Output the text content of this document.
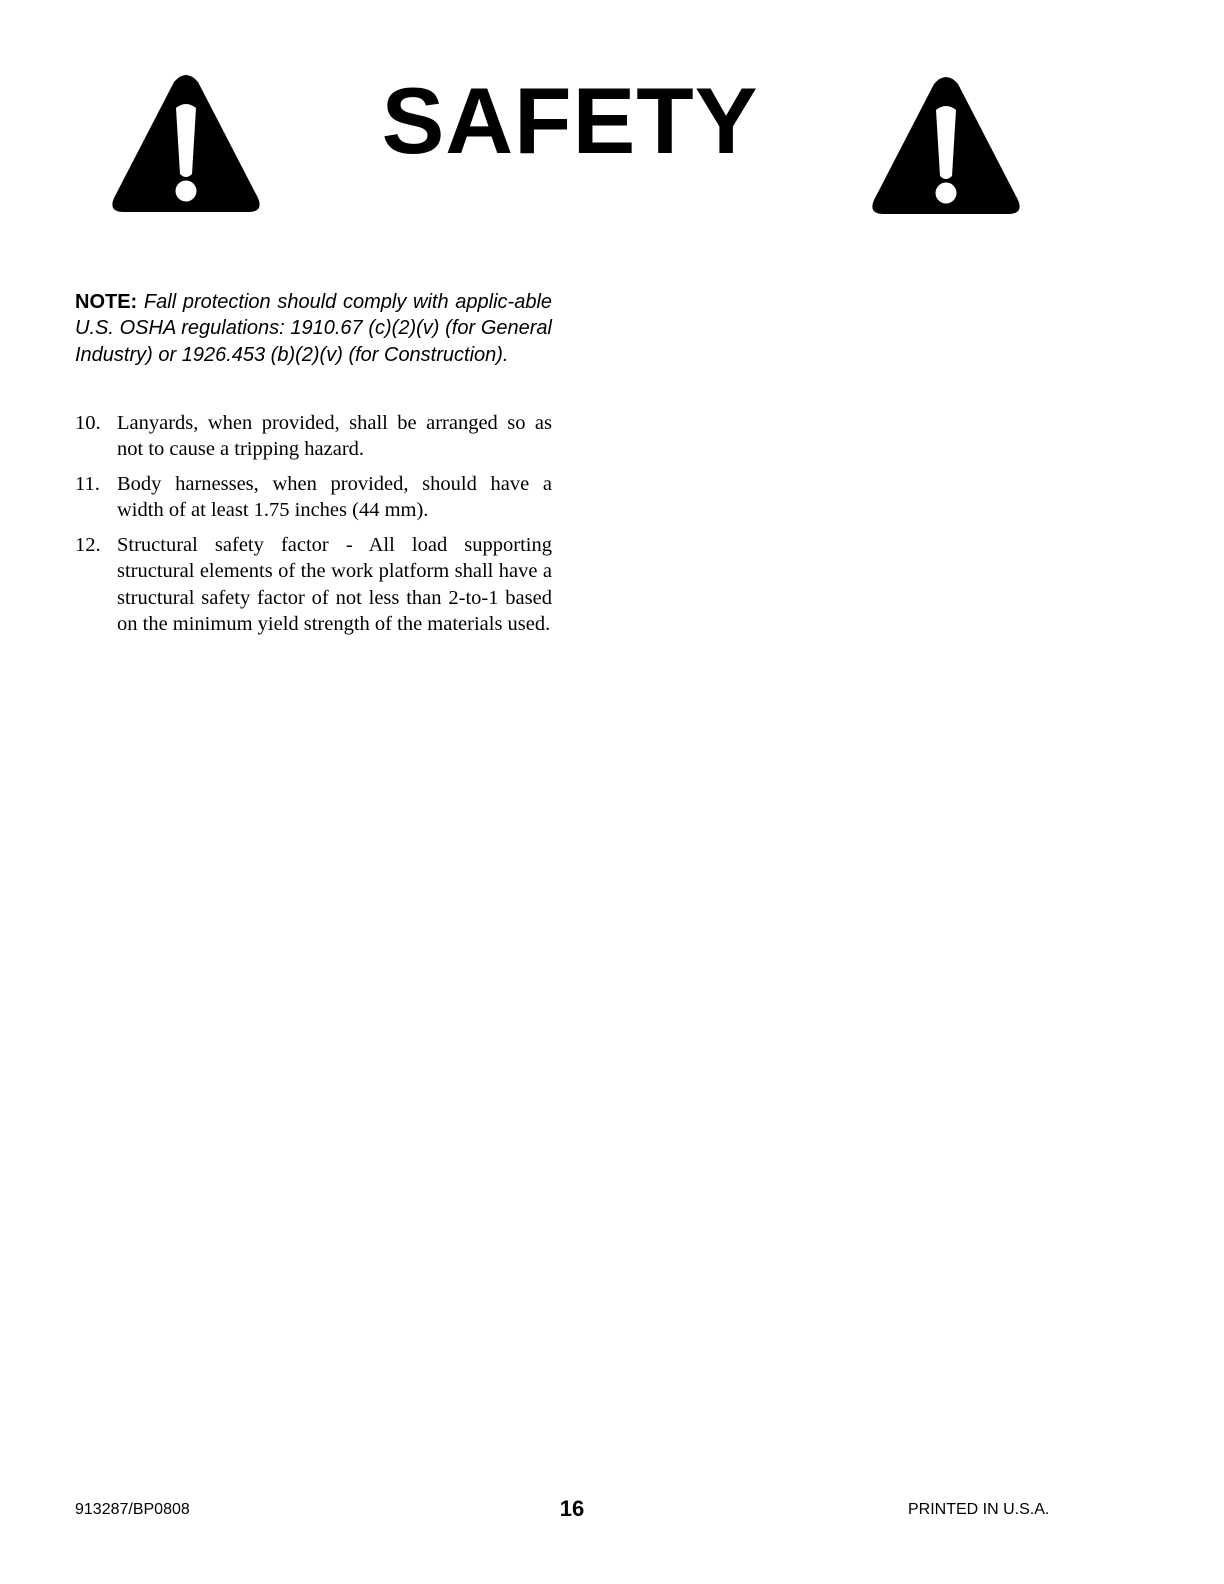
SAFETY
NOTE: Fall protection should comply with applic-able U.S. OSHA regulations: 1910.67 (c)(2)(v) (for General Industry) or 1926.453 (b)(2)(v) (for Construction).
10. Lanyards, when provided, shall be arranged so as not to cause a tripping hazard.
11. Body harnesses, when provided, should have a width of at least 1.75 inches (44 mm).
12. Structural safety factor - All load supporting structural elements of the work platform shall have a structural safety factor of not less than 2-to-1 based on the minimum yield strength of the materials used.
913287/BP0808	16	PRINTED IN U.S.A.
